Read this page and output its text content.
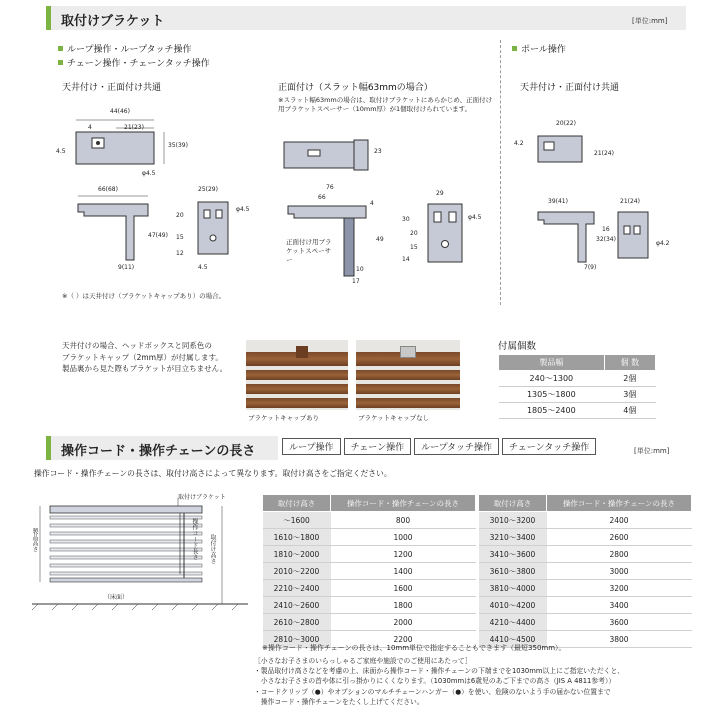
取付けブラケット	[単位:mm]
ループ操作・ループタッチ操作
チェーン操作・チェーンタッチ操作
ポール操作
天井付け・正面付け共通	正面付け（スラット幅63mmの場合）
※スラット幅63mmの場合は、取付けブラケットにあらかじめ、正面付け用ブラケットスペーサー（10mm厚）が1個取付けられています。
天井付け・正面付け共通
44(46)
4	21(23)
4.5
35(39)
φ4.5
66(68)
47(49)
9(11)
25(29)
20
15
12
4.5
φ4.5
※（ ）は天井付け（ブラケットキャップあり）の場合。
23
76
66
4
49
10
17
正面付け用ブラケットスペーサー
29
30
20
15
14
φ4.5
20(22)
4.2
21(24)
39(41)
32(34)
7(9)
21(24)
16
φ4.2
天井付けの場合、ヘッドボックスと同系色の
ブラケットキャップ（2mm厚）が付属します。
製品裏から見た際もブラケットが目立ちません。
ブラケットキャップあり	ブラケットキャップなし
付属個数
製品幅	個 数
240～1300	2個
1305～1800	3個
1805～2400	4個
操作コード・操作チェーンの長さ	ループ操作 チェーン操作 ループタッチ操作 チェーンタッチ操作	[単位:mm]
操作コード・操作チェーンの長さは、取付け高さによって異なります。取付け高さをご指定ください。
取付けブラケット
製品高さ	操作コード長さ 取付け高さ
（床面）
取付け高さ	操作コード・操作チェーンの長さ
～1600	800
1610～1800	1000
1810～2000	1200
2010～2200	1400
2210～2400	1600
2410～2600	1800
2610～2800	2000
2810～3000	2200
取付け高さ	操作コード・操作チェーンの長さ
3010～3200	2400
3210～3400	2600
3410～3600	2800
3610～3800	3000
3810～4000	3200
4010～4200	3400
4210～4400	3600
4410～4500	3800
※操作コード・操作チェーンの長さは、10mm単位で指定することもできます（最短350mm）。
［小さなお子さまのいらっしゃるご家庭や施設でのご使用にあたって］
・製品取付け高さなどを考慮の上、床面から操作コード・操作チェーンの下端までを1030mm以上にご指定いただくと、
　小さなお子さまの首や体に引っ掛かりにくくなります。（1030mmは6歳児のあご下までの高さ（JIS A 4811参考））
・コードクリップ（●）やオプションのマルチチェーンハンガー（●）を使い、危険のないよう手の届かない位置まで
　操作コード・操作チェーンをたくし上げてください。
